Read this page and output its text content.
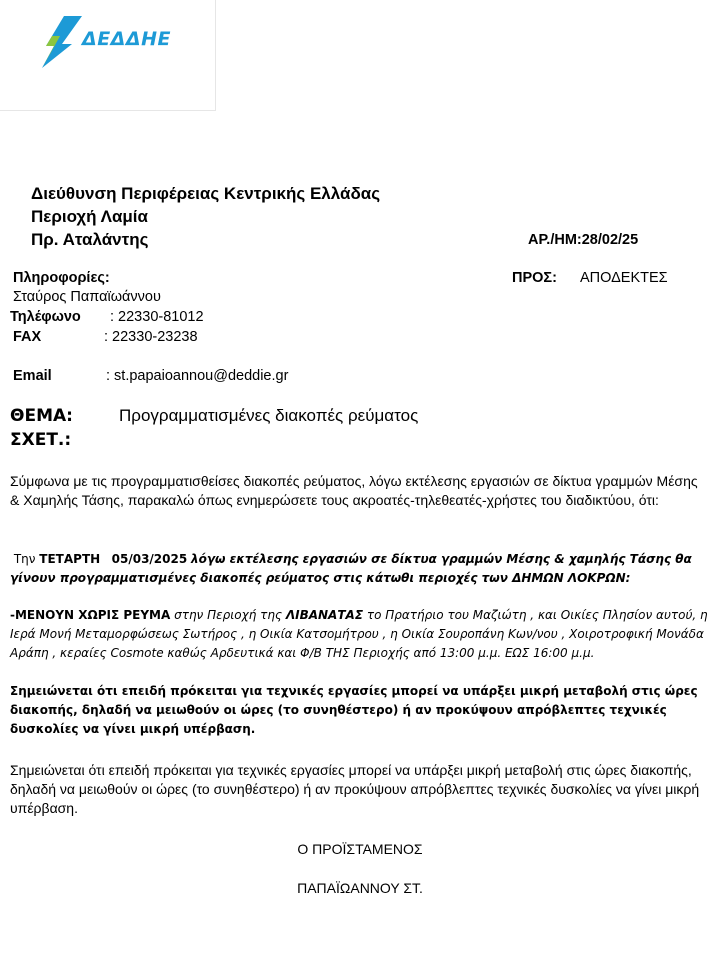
ΔΕΔΔΗΕ
Διεύθυνση Περιφέρειας Κεντρικής Ελλάδας
Περιοχή Λαμία
Πρ. Αταλάντης	ΑΡ./ΗΜ:28/02/25
Πληροφορίες:
Σταύρος Παπαϊωάννου
Τηλέφωνο : 22330-81012
FAX	: 22330-23238
Email	: st.papaioannou@deddie.gr
ΠΡΟΣ: ΑΠΟΔΕΚΤΕΣ
ΘΕΜΑ:	Προγραμματισμένες διακοπές ρεύματος
ΣΧΕΤ.:
Σύμφωνα με τις προγραμματισθείσες διακοπές ρεύματος, λόγω εκτέλεσης εργασιών σε δίκτυα γραμμών Μέσης & Χαμηλής Τάσης, παρακαλώ όπως ενημερώσετε τους ακροατές-τηλεθεατές-χρήστες του διαδικτύου, ότι:
Την ΤΕΤΑΡΤΗ 05/03/2025 λόγω εκτέλεσης εργασιών σε δίκτυα γραμμών Μέσης & χαμηλής Τάσης θα γίνουν προγραμματισμένες διακοπές ρεύματος στις κάτωθι περιοχές των ΔΗΜΩΝ ΛΟΚΡΩΝ:
-ΜΕΝΟΥΝ ΧΩΡΙΣ ΡΕΥΜΑ στην Περιοχή της ΛΙΒΑΝΑΤΑΣ το Πρατήριο του Μαζιώτη , και Οικίες Πλησίον αυτού, η Ιερά Μονή Μεταμορφώσεως Σωτήρος , η Οικία Κατσομήτρου , η Οικία Σουροπάνη Κων/νου , Χοιροτροφική Μονάδα Αράπη , κεραίες Cosmote καθώς Αρδευτικά και Φ/Β ΤΗΣ Περιοχής από 13:00 μ.μ. ΕΩΣ 16:00 μ.μ.
Σημειώνεται ότι επειδή πρόκειται για τεχνικές εργασίες μπορεί να υπάρξει μικρή μεταβολή στις ώρες διακοπής, δηλαδή να μειωθούν οι ώρες (το συνηθέστερο) ή αν προκύψουν απρόβλεπτες τεχνικές δυσκολίες να γίνει μικρή υπέρβαση.
Σημειώνεται ότι επειδή πρόκειται για τεχνικές εργασίες μπορεί να υπάρξει μικρή μεταβολή στις ώρες διακοπής, δηλαδή να μειωθούν οι ώρες (το συνηθέστερο) ή αν προκύψουν απρόβλεπτες τεχνικές δυσκολίες να γίνει μικρή υπέρβαση.
Ο ΠΡΟΪΣΤΑΜΕΝΟΣ
ΠΑΠΑΪΩΑΝΝΟΥ ΣΤ.
